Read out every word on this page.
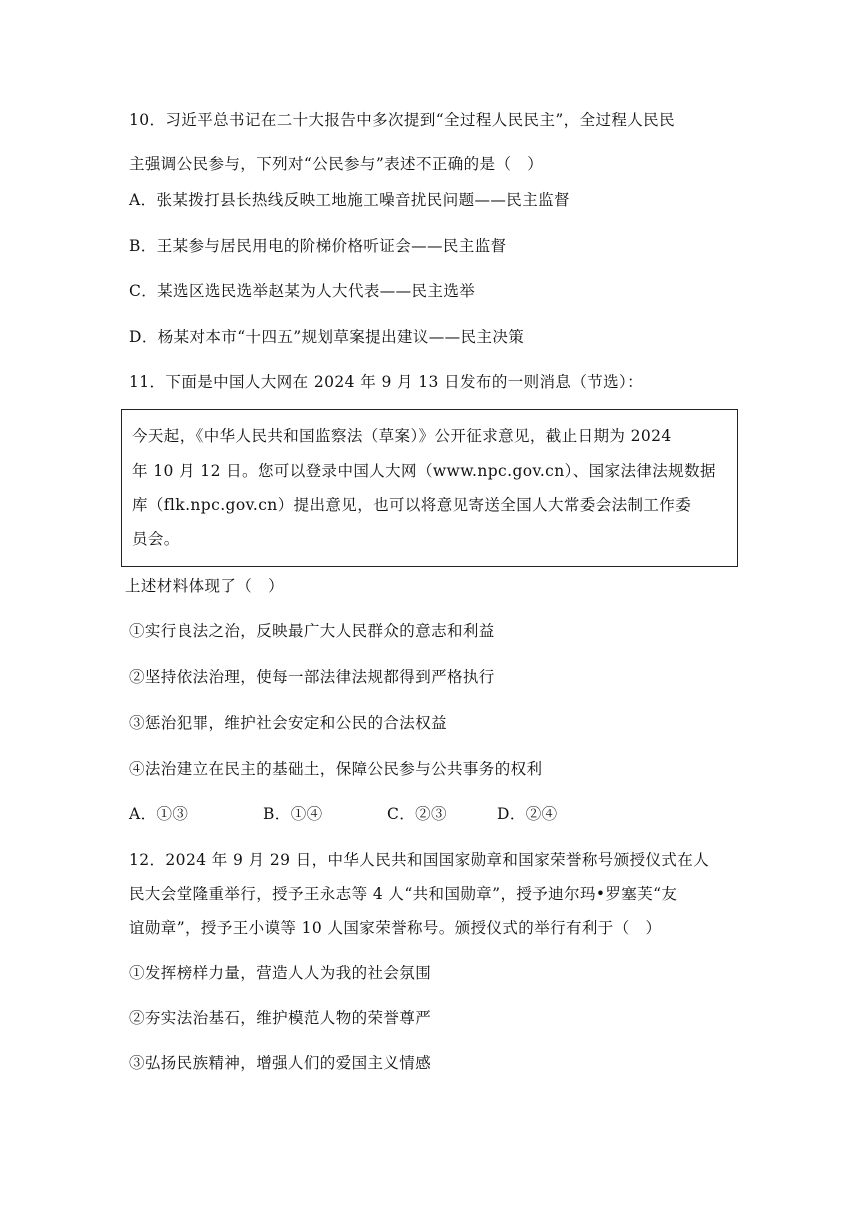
10．习近平总书记在二十大报告中多次提到“全过程人民民主”，全过程人民民
主强调公民参与，下列对“公民参与”表述不正确的是（　）
A．张某拨打县长热线反映工地施工噪音扰民问题——民主监督
B．王某参与居民用电的阶梯价格听证会——民主监督
C．某选区选民选举赵某为人大代表——民主选举
D．杨某对本市“十四五”规划草案提出建议——民主决策
11．下面是中国人大网在 2024 年 9 月 13 日发布的一则消息（节选）：
今天起，《中华人民共和国监察法（草案）》公开征求意见，截止日期为 2024
年 10 月 12 日。您可以登录中国人大网（www.npc.gov.cn）、国家法律法规数据
库（flk.npc.gov.cn）提出意见，也可以将意见寄送全国人大常委会法制工作委
员会。
上述材料体现了（　）
①实行良法之治，反映最广大人民群众的意志和利益
②坚持依法治理，使每一部法律法规都得到严格执行
③惩治犯罪，维护社会安定和公民的合法权益
④法治建立在民主的基础土，保障公民参与公共事务的权利
A．①③	B．①④	C．②③	D．②④
12．2024 年 9 月 29 日，中华人民共和国国家勋章和国家荣誉称号颁授仪式在人
民大会堂隆重举行，授予王永志等 4 人“共和国勋章”，授予迪尔玛•罗塞芙“友
谊勋章”，授予王小谟等 10 人国家荣誉称号。颁授仪式的举行有利于（　）
①发挥榜样力量，营造人人为我的社会氛围
②夯实法治基石，维护模范人物的荣誉尊严
③弘扬民族精神，增强人们的爱国主义情感
